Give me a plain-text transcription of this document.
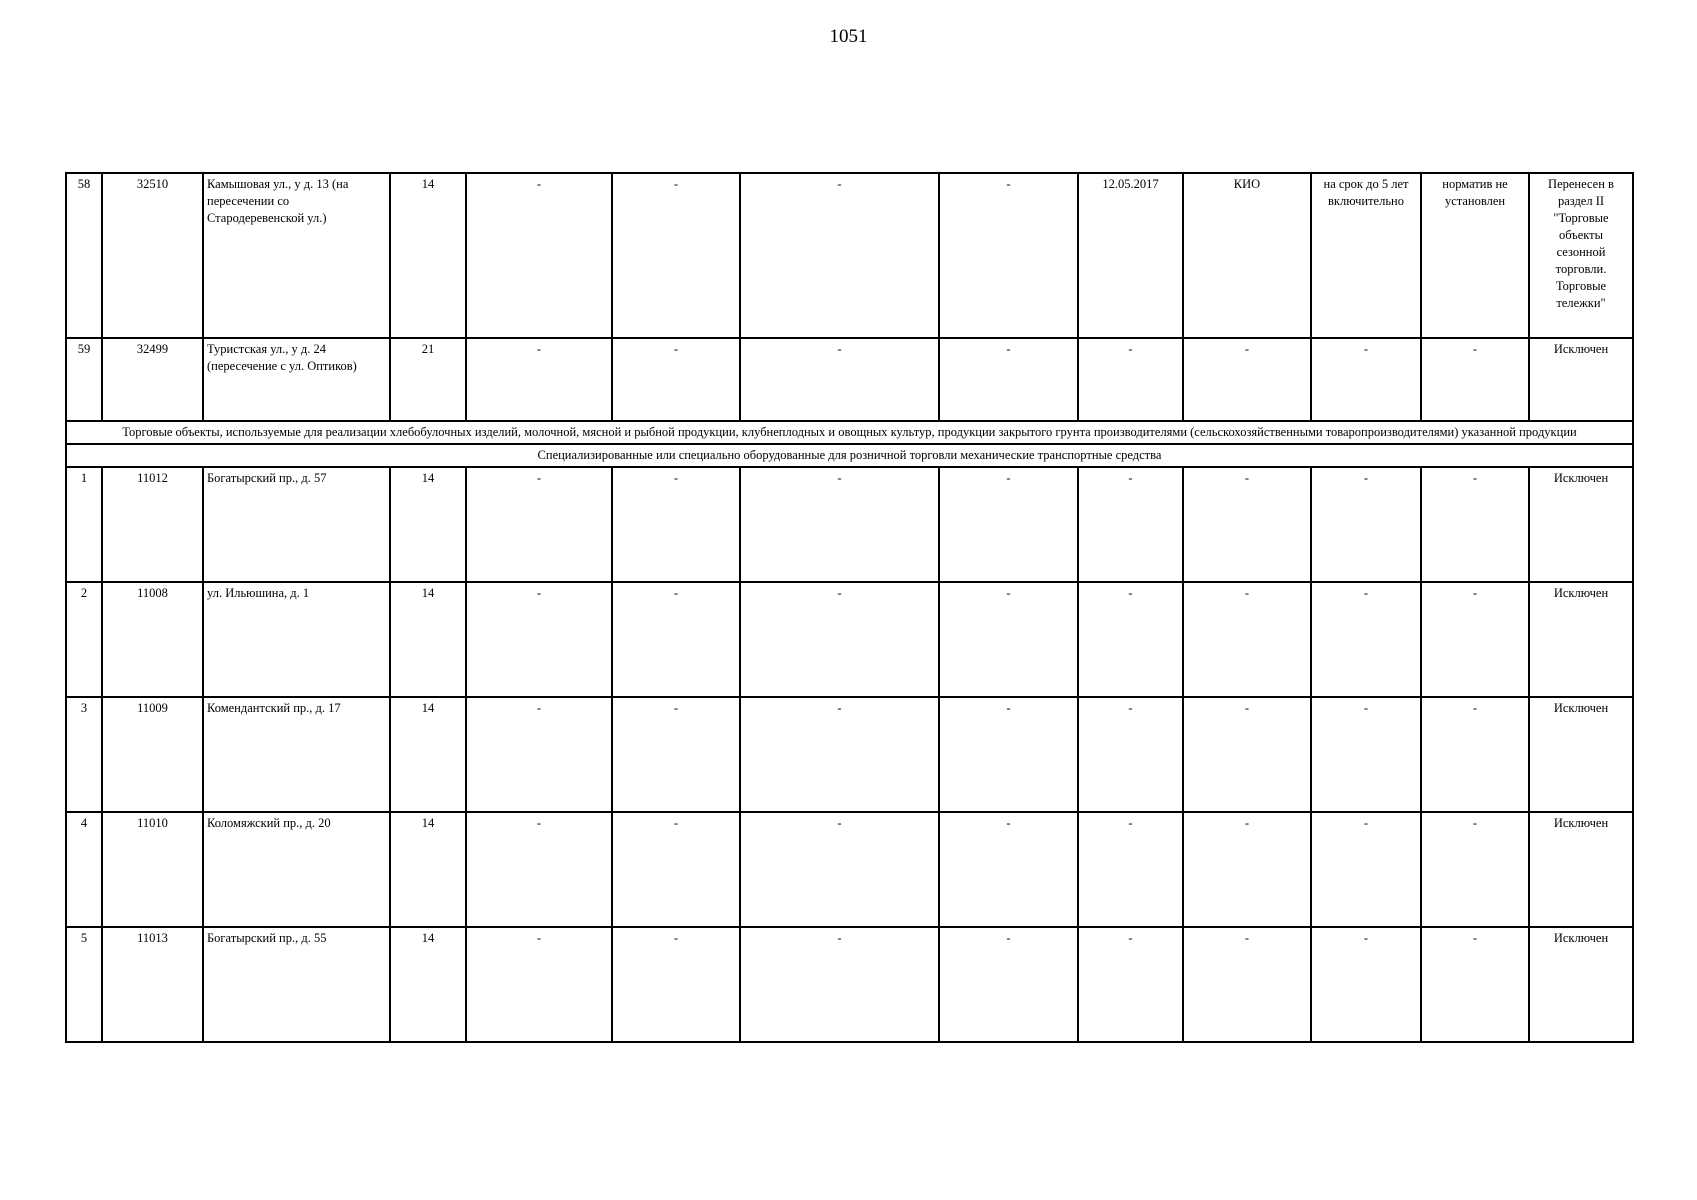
1051
58	32510	Камышовая ул., у д. 13 (на пересечении со Стародеревенской ул.)	14	-	-	-	-	12.05.2017	КИО	на срок до 5 лет включительно	норматив не установлен	Перенесен в раздел II "Торговые объекты сезонной торговли. Торговые тележки"
59	32499	Туристская ул., у д. 24 (пересечение с ул. Оптиков)	21	-	-	-	-	-	-	-	-	Исключен
Торговые объекты, используемые для реализации хлебобулочных изделий, молочной, мясной и рыбной продукции, клубнеплодных и овощных культур, продукции закрытого грунта производителями (сельскохозяйственными товаропроизводителями) указанной продукции												
Специализированные или специально оборудованные для розничной торговли механические транспортные средства												
1	11012	Богатырский пр., д. 57	14	-	-	-	-	-	-	-	-	Исключен
2	11008	ул. Ильюшина, д. 1	14	-	-	-	-	-	-	-	-	Исключен
3	11009	Комендантский пр., д. 17	14	-	-	-	-	-	-	-	-	Исключен
4	11010	Коломяжский пр., д. 20	14	-	-	-	-	-	-	-	-	Исключен
5	11013	Богатырский пр., д. 55	14	-	-	-	-	-	-	-	-	Исключен
